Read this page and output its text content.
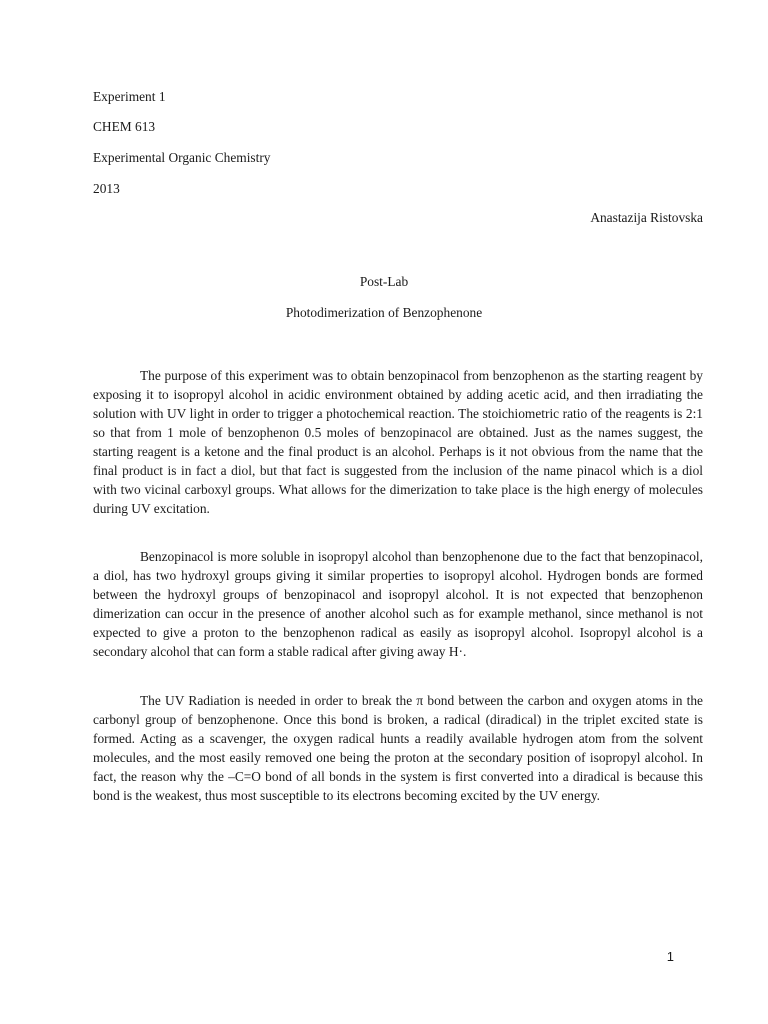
Experiment 1
CHEM 613
Experimental Organic Chemistry
2013
Anastazija Ristovska
Post-Lab
Photodimerization of Benzophenone

The purpose of this experiment was to obtain benzopinacol from benzophenon as the starting reagent by exposing it to isopropyl alcohol in acidic environment obtained by adding acetic acid, and then irradiating the solution with UV light in order to trigger a photochemical reaction. The stoichiometric ratio of the reagents is 2:1 so that from 1 mole of benzophenon 0.5 moles of benzopinacol are obtained. Just as the names suggest, the starting reagent is a ketone and the final product is an alcohol. Perhaps is it not obvious from the name that the final product is in fact a diol, but that fact is suggested from the inclusion of the name pinacol which is a diol with two vicinal carboxyl groups. What allows for the dimerization to take place is the high energy of molecules during UV excitation.

Benzopinacol is more soluble in isopropyl alcohol than benzophenone due to the fact that benzopinacol, a diol, has two hydroxyl groups giving it similar properties to isopropyl alcohol. Hydrogen bonds are formed between the hydroxyl groups of benzopinacol and isopropyl alcohol. It is not expected that benzophenon dimerization can occur in the presence of another alcohol such as for example methanol, since methanol is not expected to give a proton to the benzophenon radical as easily as isopropyl alcohol. Isopropyl alcohol is a secondary alcohol that can form a stable radical after giving away H·.

The UV Radiation is needed in order to break the π bond between the carbon and oxygen atoms in the carbonyl group of benzophenone. Once this bond is broken, a radical (diradical) in the triplet excited state is formed. Acting as a scavenger, the oxygen radical hunts a readily available hydrogen atom from the solvent molecules, and the most easily removed one being the proton at the secondary position of isopropyl alcohol. In fact, the reason why the –C=O bond of all bonds in the system is first converted into a diradical is because this bond is the weakest, thus most susceptible to its electrons becoming excited by the UV energy.

1
